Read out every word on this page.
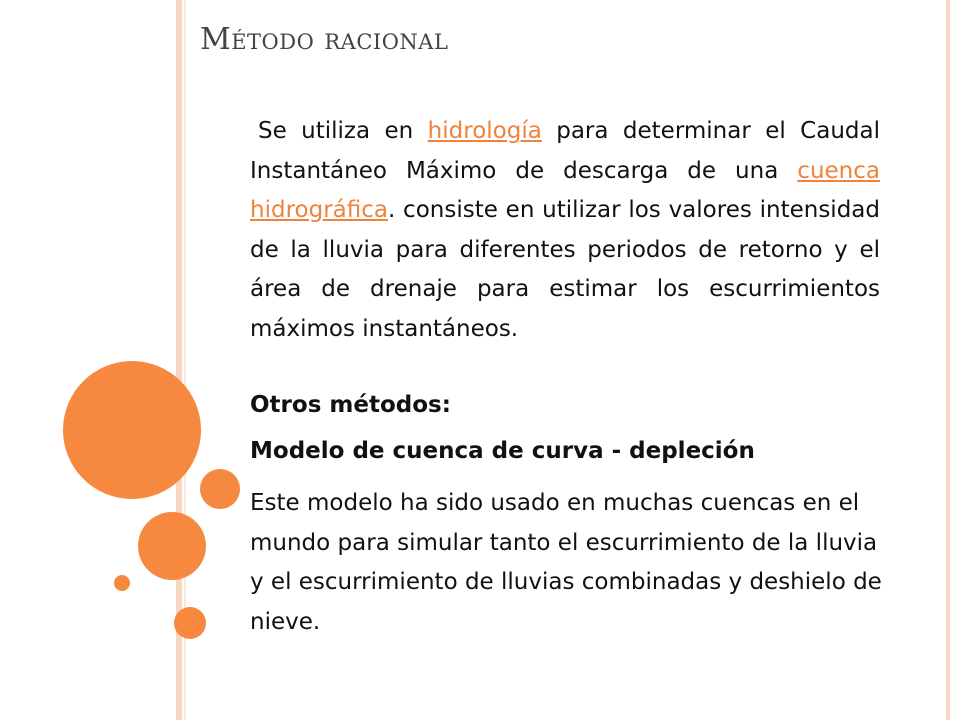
Método racional

Se utiliza en hidrología para determinar el Caudal Instantáneo Máximo de descarga de una cuenca hidrográfica. consiste en utilizar los valores intensidad de la lluvia para diferentes periodos de retorno y el área de drenaje para estimar los escurrimientos máximos instantáneos.

Otros métodos:

Modelo de cuenca de curva - depleción

Este modelo ha sido usado en muchas cuencas en el mundo para simular tanto el escurrimiento de la lluvia y el escurrimiento de lluvias combinadas y deshielo de nieve.
